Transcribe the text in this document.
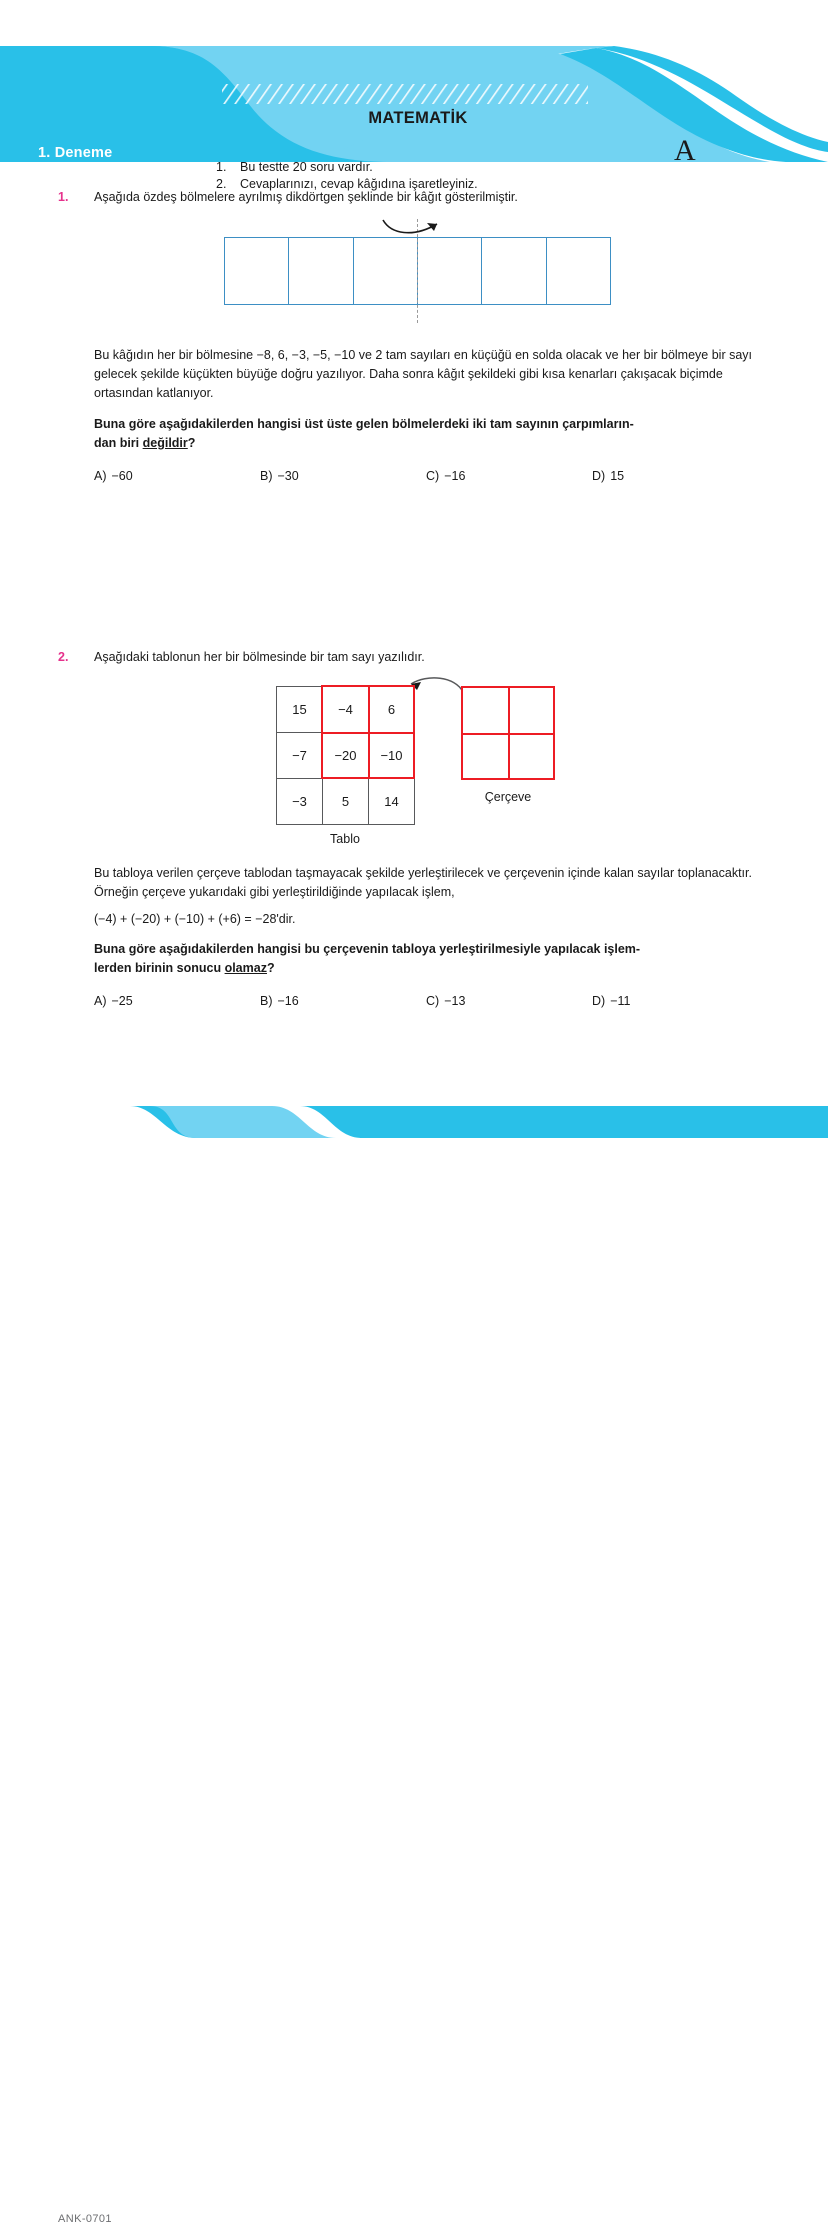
1. Deneme
MATEMATİK
1.	Bu testte 20 soru vardır.
2.	Cevaplarınızı, cevap kâğıdına işaretleyiniz.
A
1. Aşağıda özdeş bölmelere ayrılmış dikdörtgen şeklinde bir kâğıt gösterilmiştir.
Bu kâğıdın her bir bölmesine −8, 6, −3, −5, −10 ve 2 tam sayıları en küçüğü en solda olacak ve her bir bölmeye bir sayı gelecek şekilde küçükten büyüğe doğru yazılıyor. Daha sonra kâğıt şekildeki gibi kısa kenarları çakışacak biçimde ortasından katlanıyor.
Buna göre aşağıdakilerden hangisi üst üste gelen bölmelerdeki iki tam sayının çarpımların-
dan biri değildir?
A) −60	B) −30	C) −16	D) 15
2. Aşağıdaki tablonun her bir bölmesinde bir tam sayı yazılıdır.
15	−4	6
−7	−20	−10
−3	5	14
Tablo
Çerçeve
Bu tabloya verilen çerçeve tablodan taşmayacak şekilde yerleştirilecek ve çerçevenin içinde kalan sayılar toplanacaktır. Örneğin çerçeve yukarıdaki gibi yerleştirildiğinde yapılacak işlem,
(−4) + (−20) + (−10) + (+6) = −28'dir.
Buna göre aşağıdakilerden hangisi bu çerçevenin tabloya yerleştirilmesiyle yapılacak işlem-
lerden birinin sonucu olamaz?
A) −25	B) −16	C) −13	D) −11
ANK-0701	7. SINIF	Diğer sayfaya geçiniz. ☞	23
